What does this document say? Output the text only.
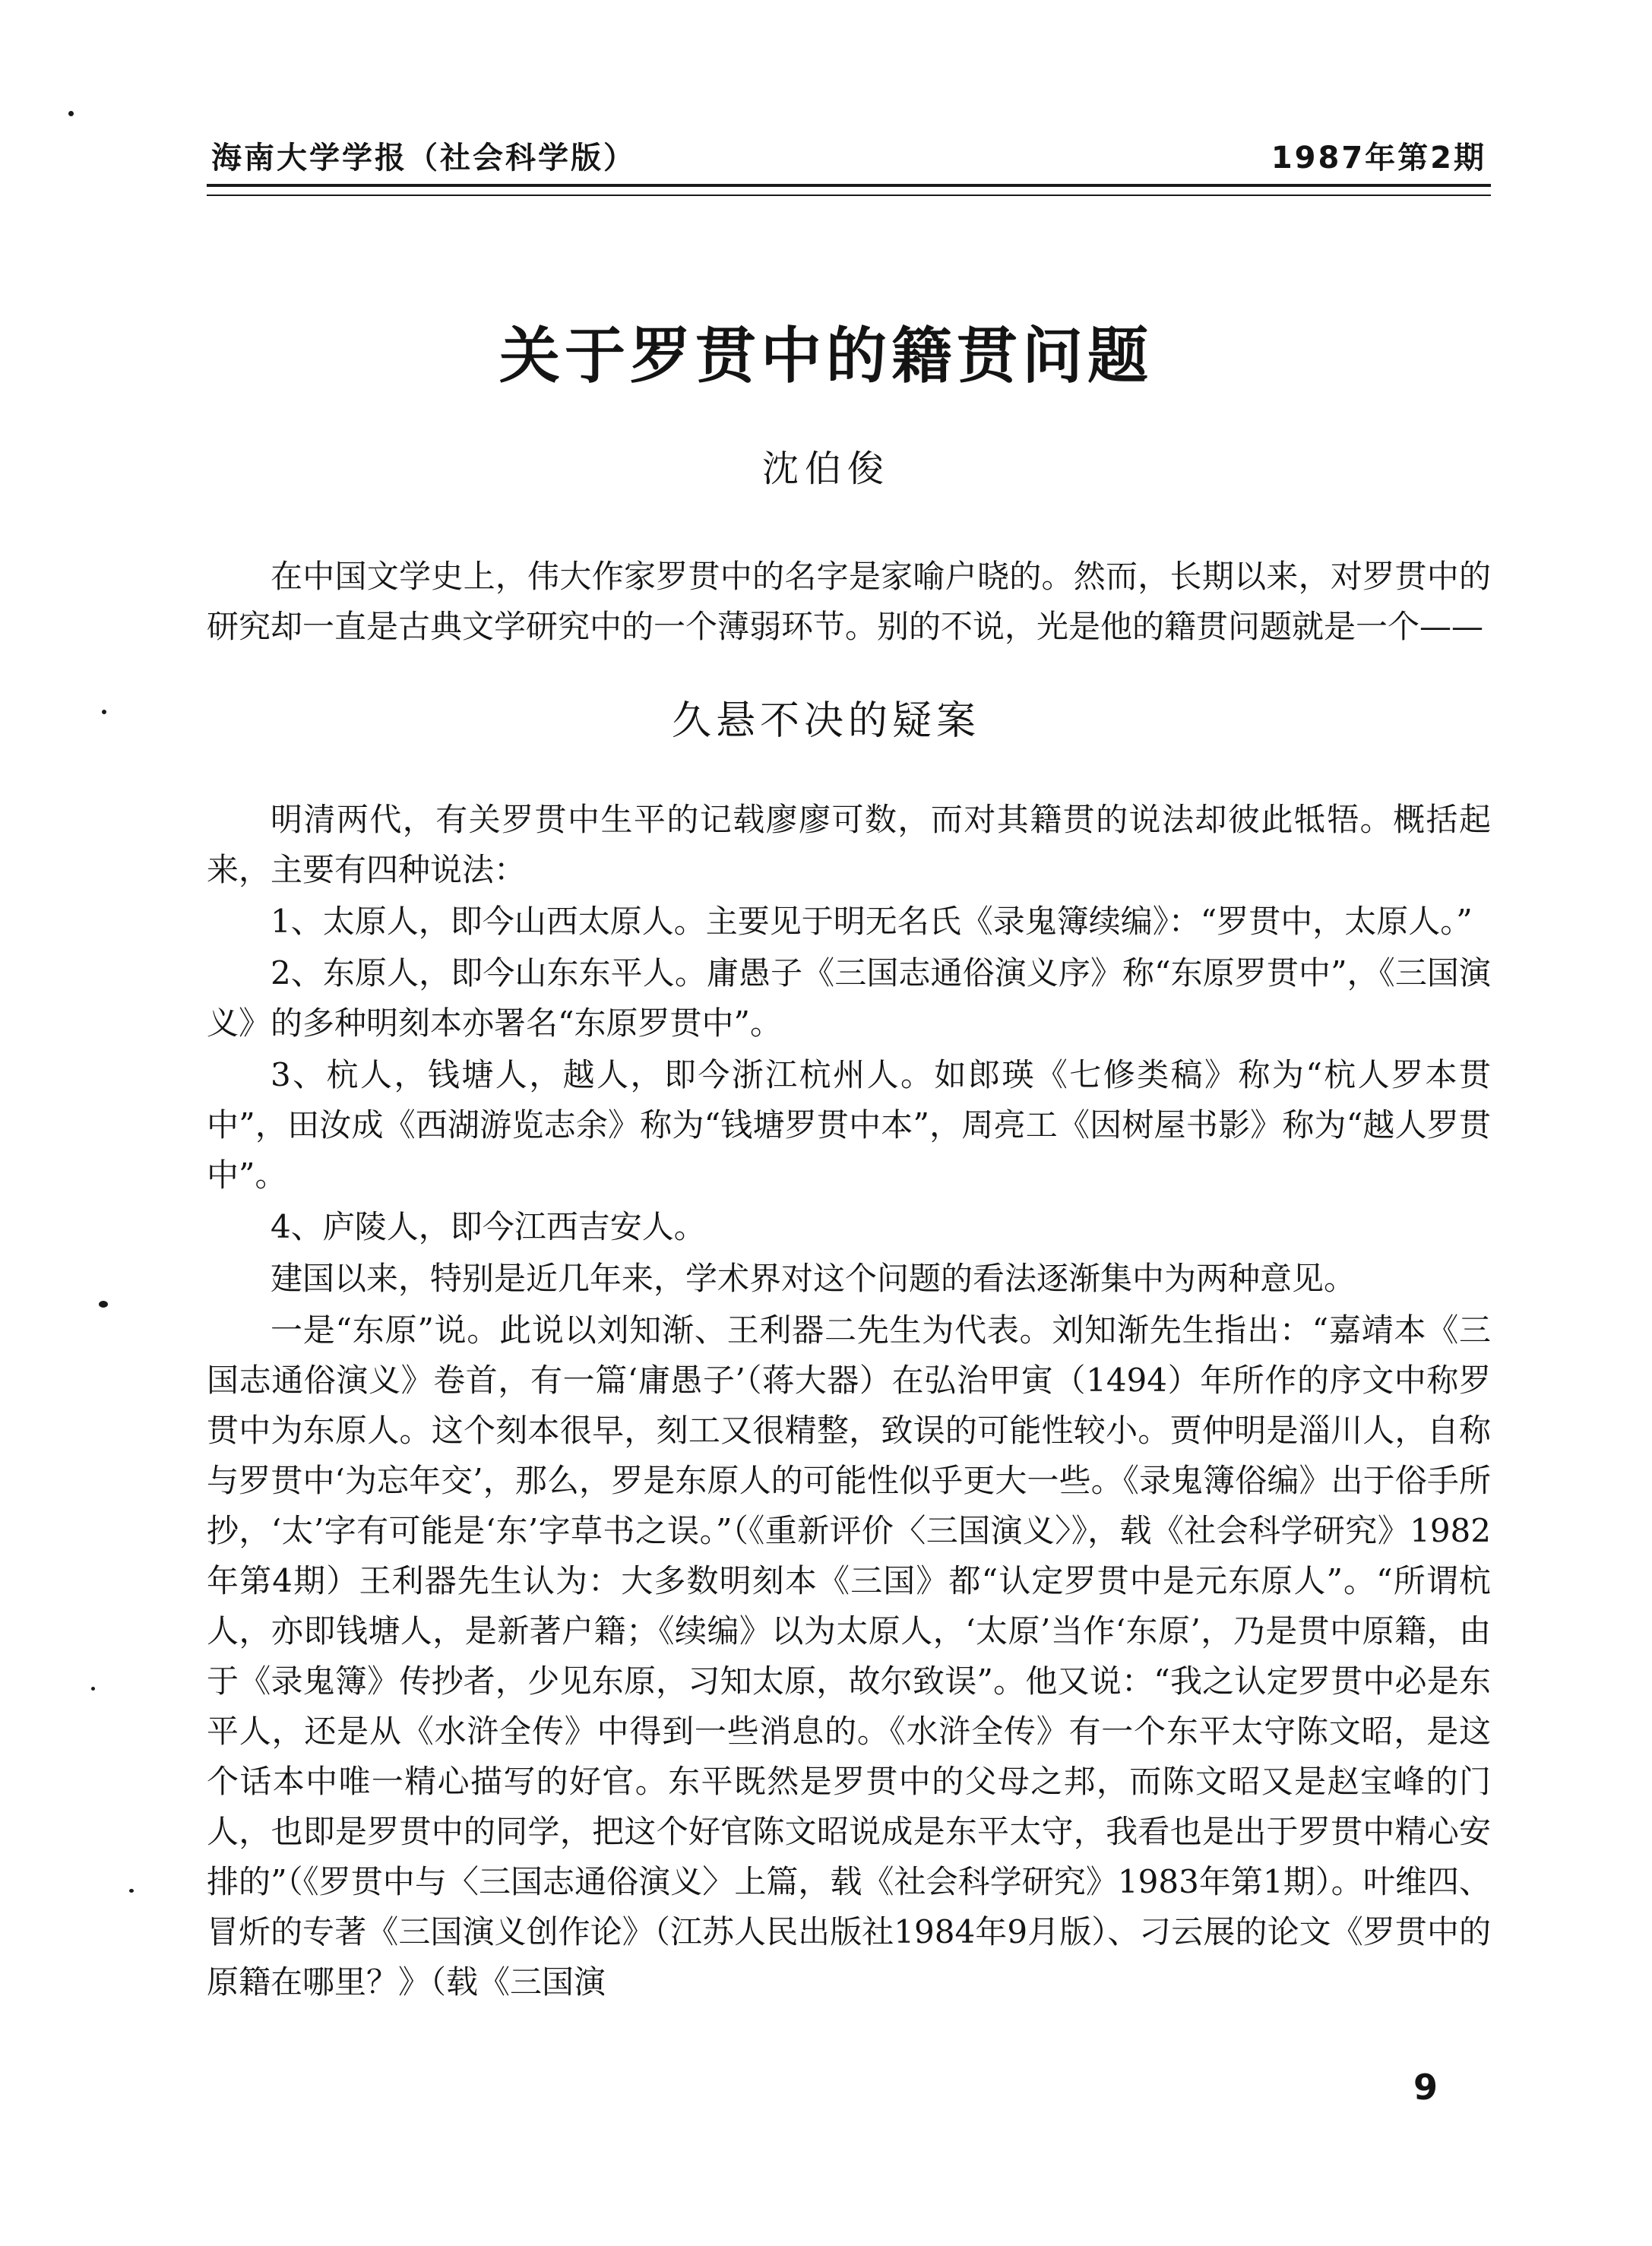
海南大学学报（社会科学版）	1987年第2期
关于罗贯中的籍贯问题
沈伯俊

在中国文学史上，伟大作家罗贯中的名字是家喻户晓的。然而，长期以来，对罗贯中的研究却一直是古典文学研究中的一个薄弱环节。别的不说，光是他的籍贯问题就是一个——

久悬不决的疑案

明清两代，有关罗贯中生平的记载廖廖可数，而对其籍贯的说法却彼此牴牾。概括起来，主要有四种说法：

1、太原人，即今山西太原人。主要见于明无名氏《录鬼簿续编》：“罗贯中，太原人。”

2、东原人，即今山东东平人。庸愚子《三国志通俗演义序》称“东原罗贯中”，《三国演义》的多种明刻本亦署名“东原罗贯中”。

3、杭人，钱塘人，越人，即今浙江杭州人。如郎瑛《七修类稿》称为“杭人罗本贯中”，田汝成《西湖游览志余》称为“钱塘罗贯中本”，周亮工《因树屋书影》称为“越人罗贯中”。

4、庐陵人，即今江西吉安人。

建国以来，特别是近几年来，学术界对这个问题的看法逐渐集中为两种意见。

一是“东原”说。此说以刘知渐、王利器二先生为代表。刘知渐先生指出：“嘉靖本《三国志通俗演义》卷首，有一篇‘庸愚子’（蒋大器）在弘治甲寅（1494）年所作的序文中称罗贯中为东原人。这个刻本很早，刻工又很精整，致误的可能性较小。贾仲明是淄川人，自称与罗贯中‘为忘年交’，那么，罗是东原人的可能性似乎更大一些。《录鬼簿俗编》出于俗手所抄，‘太’字有可能是‘东’字草书之误。”（《重新评价〈三国演义〉》，载《社会科学研究》1982年第4期）王利器先生认为：大多数明刻本《三国》都“认定罗贯中是元东原人”。“所谓杭人，亦即钱塘人，是新著户籍；《续编》以为太原人，‘太原’当作‘东原’，乃是贯中原籍，由于《录鬼簿》传抄者，少见东原，习知太原，故尔致误”。他又说：“我之认定罗贯中必是东平人，还是从《水浒全传》中得到一些消息的。《水浒全传》有一个东平太守陈文昭，是这个话本中唯一精心描写的好官。东平既然是罗贯中的父母之邦，而陈文昭又是赵宝峰的门人，也即是罗贯中的同学，把这个好官陈文昭说成是东平太守，我看也是出于罗贯中精心安排的”（《罗贯中与〈三国志通俗演义〉上篇，载《社会科学研究》1983年第1期）。叶维四、冒炘的专著《三国演义创作论》（江苏人民出版社1984年9月版）、刁云展的论文《罗贯中的原籍在哪里？》（载《三国演

9
